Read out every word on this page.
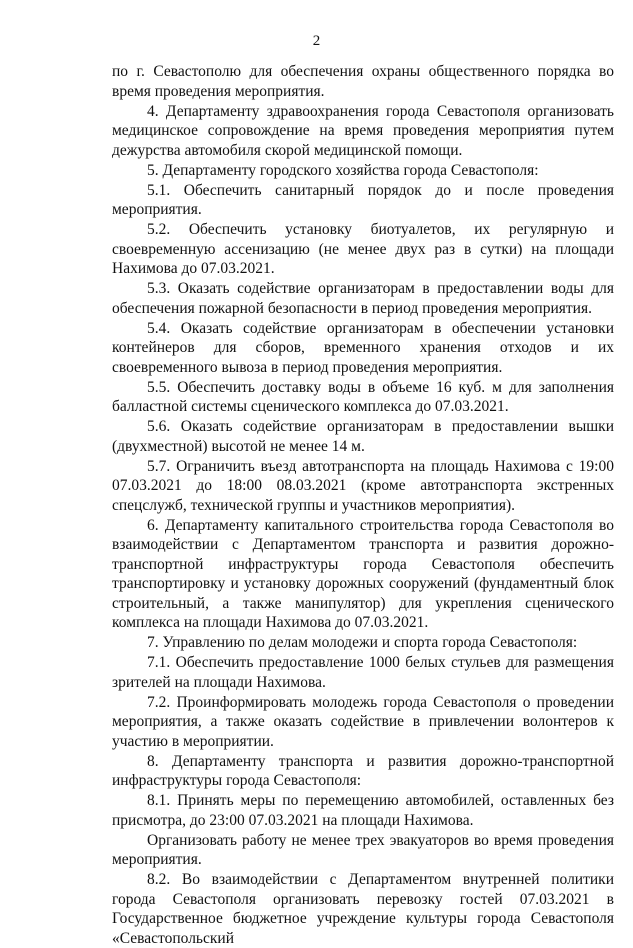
2

по г. Севастополю для обеспечения охраны общественного порядка во время проведения мероприятия.

4. Департаменту здравоохранения города Севастополя организовать медицинское сопровождение на время проведения мероприятия путем дежурства автомобиля скорой медицинской помощи.

5. Департаменту городского хозяйства города Севастополя:

5.1. Обеспечить санитарный порядок до и после проведения мероприятия.

5.2. Обеспечить установку биотуалетов, их регулярную и своевременную ассенизацию (не менее двух раз в сутки) на площади Нахимова до 07.03.2021.

5.3. Оказать содействие организаторам в предоставлении воды для обеспечения пожарной безопасности в период проведения мероприятия.

5.4. Оказать содействие организаторам в обеспечении установки контейнеров для сборов, временного хранения отходов и их своевременного вывоза в период проведения мероприятия.

5.5. Обеспечить доставку воды в объеме 16 куб. м для заполнения балластной системы сценического комплекса до 07.03.2021.

5.6. Оказать содействие организаторам в предоставлении вышки (двухместной) высотой не менее 14 м.

5.7. Ограничить въезд автотранспорта на площадь Нахимова с 19:00 07.03.2021 до 18:00 08.03.2021 (кроме автотранспорта экстренных спецслужб, технической группы и участников мероприятия).

6. Департаменту капитального строительства города Севастополя во взаимодействии с Департаментом транспорта и развития дорожно-транспортной инфраструктуры города Севастополя обеспечить транспортировку и установку дорожных сооружений (фундаментный блок строительный, а также манипулятор) для укрепления сценического комплекса на площади Нахимова до 07.03.2021.

7. Управлению по делам молодежи и спорта города Севастополя:

7.1. Обеспечить предоставление 1000 белых стульев для размещения зрителей на площади Нахимова.

7.2. Проинформировать молодежь города Севастополя о проведении мероприятия, а также оказать содействие в привлечении волонтеров к участию в мероприятии.

8. Департаменту транспорта и развития дорожно-транспортной инфраструктуры города Севастополя:

8.1. Принять меры по перемещению автомобилей, оставленных без присмотра, до 23:00 07.03.2021 на площади Нахимова.

Организовать работу не менее трех эвакуаторов во время проведения мероприятия.

8.2. Во взаимодействии с Департаментом внутренней политики города Севастополя организовать перевозку гостей 07.03.2021 в Государственное бюджетное учреждение культуры города Севастополя «Севастопольский
